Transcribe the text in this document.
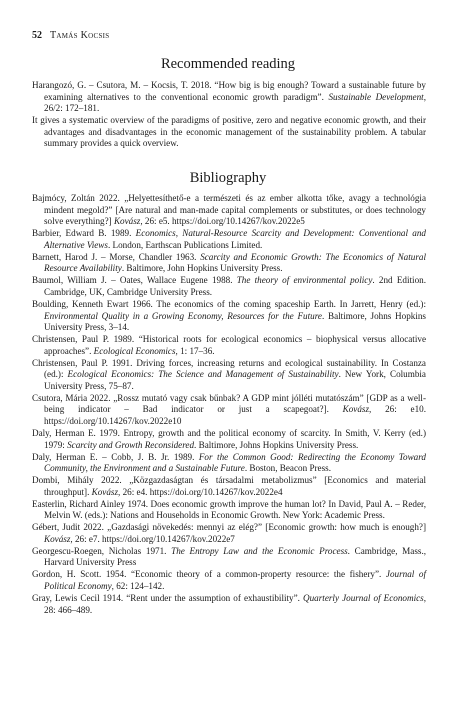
52 Tamás Kocsis
Recommended reading

Harangozó, G. – Csutora, M. – Kocsis, T. 2018. “How big is big enough? Toward a sustainable future by examining alternatives to the conventional economic growth paradigm”. Sustainable Development, 26/2: 172–181.

It gives a systematic overview of the paradigms of positive, zero and negative economic growth, and their advantages and disadvantages in the economic management of the sustainability problem. A tabular summary provides a quick overview.

Bibliography

Bajmócy, Zoltán 2022. „Helyettesíthető-e a természeti és az ember alkotta tőke, avagy a technológia mindent megold?” [Are natural and man-made capital complements or substitutes, or does technology solve everything?] Kovász, 26: e5. https://doi.org/10.14267/kov.2022e5

Barbier, Edward B. 1989. Economics, Natural-Resource Scarcity and Development: Conventional and Alternative Views. London, Earthscan Publications Limited.

Barnett, Harod J. – Morse, Chandler 1963. Scarcity and Economic Growth: The Economics of Natural Resource Availability. Baltimore, John Hopkins University Press.

Baumol, William J. – Oates, Wallace Eugene 1988. The theory of environmental policy. 2nd Edition. Cambridge, UK, Cambridge University Press.

Boulding, Kenneth Ewart 1966. The economics of the coming spaceship Earth. In Jarrett, Henry (ed.): Environmental Quality in a Growing Economy, Resources for the Future. Baltimore, Johns Hopkins University Press, 3–14.

Christensen, Paul P. 1989. “Historical roots for ecological economics – biophysical versus allocative approaches”. Ecological Economics, 1: 17–36.

Christensen, Paul P. 1991. Driving forces, increasing returns and ecological sustainability. In Costanza (ed.): Ecological Economics: The Science and Management of Sustainability. New York, Columbia University Press, 75–87.

Csutora, Mária 2022. „Rossz mutató vagy csak bűnbak? A GDP mint jólléti mutatószám” [GDP as a well-being indicator – Bad indicator or just a scapegoat?]. Kovász, 26: e10. https://doi.org/10.14267/kov.2022e10

Daly, Herman E. 1979. Entropy, growth and the political economy of scarcity. In Smith, V. Kerry (ed.) 1979: Scarcity and Growth Reconsidered. Baltimore, Johns Hopkins University Press.

Daly, Herman E. – Cobb, J. B. Jr. 1989. For the Common Good: Redirecting the Economy Toward Community, the Environment and a Sustainable Future. Boston, Beacon Press.

Dombi, Mihály 2022. „Közgazdaságtan és társadalmi metabolizmus” [Economics and material throughput]. Kovász, 26: e4. https://doi.org/10.14267/kov.2022e4

Easterlin, Richard Ainley 1974. Does economic growth improve the human lot? In David, Paul A. – Reder, Melvin W. (eds.): Nations and Households in Economic Growth. New York: Academic Press.

Gébert, Judit 2022. „Gazdasági növekedés: mennyi az elég?” [Economic growth: how much is enough?] Kovász, 26: e7. https://doi.org/10.14267/kov.2022e7

Georgescu-Roegen, Nicholas 1971. The Entropy Law and the Economic Process. Cambridge, Mass., Harvard University Press

Gordon, H. Scott. 1954. “Economic theory of a common-property resource: the fishery”. Journal of Political Economy, 62: 124–142.

Gray, Lewis Cecil 1914. “Rent under the assumption of exhaustibility”. Quarterly Journal of Economics, 28: 466–489.
